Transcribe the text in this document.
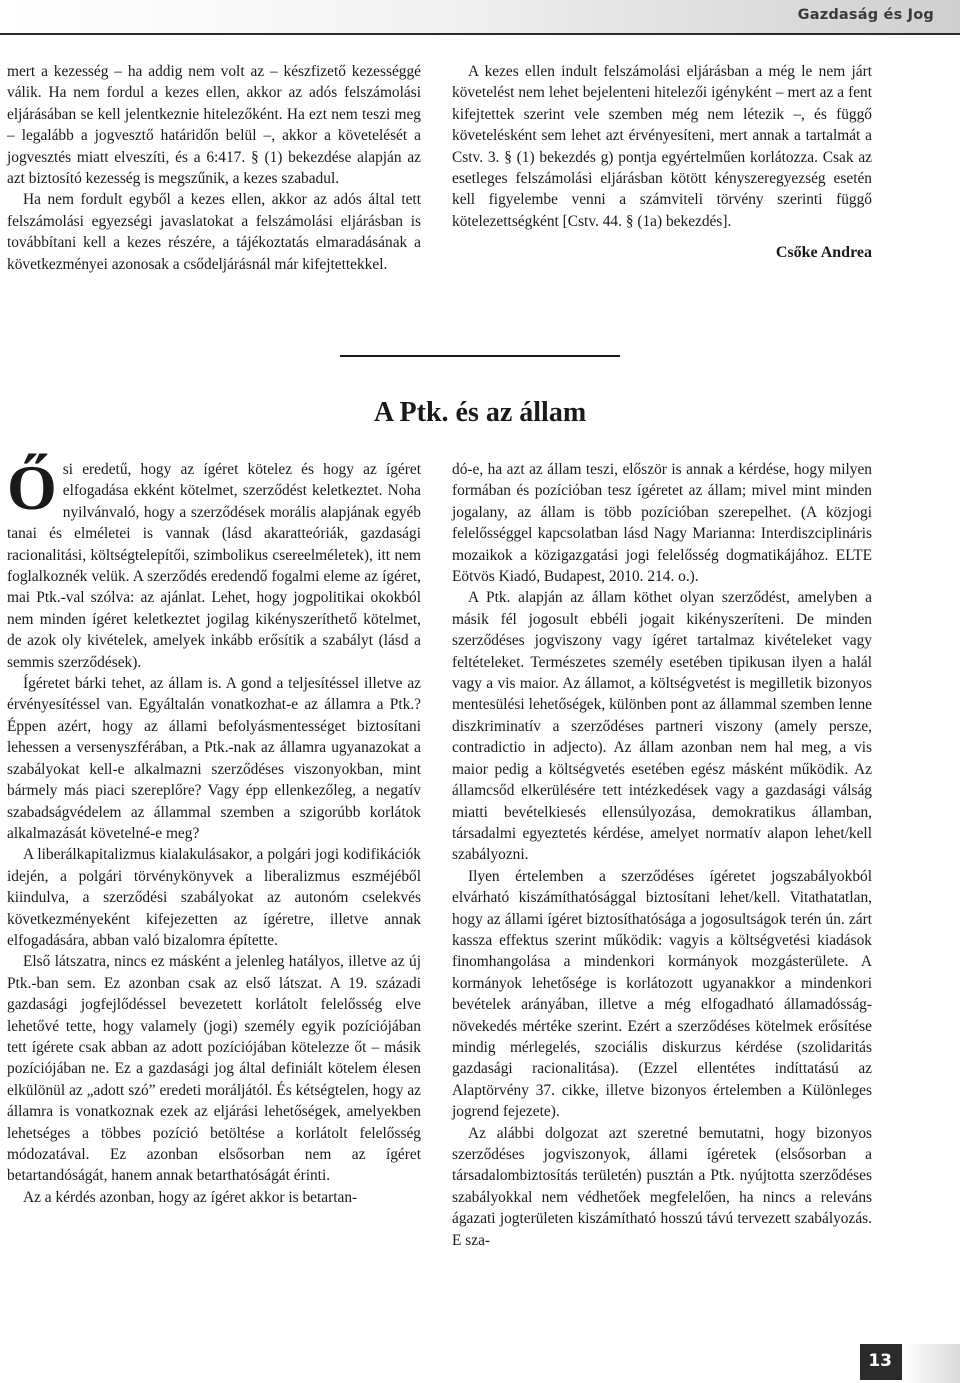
Gazdaság és Jog

mert a kezesség – ha addig nem volt az – készfizető kezességgé válik. Ha nem fordul a kezes ellen, akkor az adós felszámolási eljárásában se kell jelentkeznie hitelezőként. Ha ezt nem teszi meg – legalább a jogvesztő határidőn belül –, akkor a követelését a jogvesztés miatt elveszíti, és a 6:417. § (1) bekezdése alapján az azt biztosító kezesség is megszűnik, a kezes szabadul.

Ha nem fordult egyből a kezes ellen, akkor az adós által tett felszámolási egyezségi javaslatokat a felszámolási eljárásban is továbbítani kell a kezes részére, a tájékoztatás elmaradásának a következményei azonosak a csődeljárásnál már kifejtettekkel.

A kezes ellen indult felszámolási eljárásban a még le nem járt követelést nem lehet bejelenteni hitelezői igényként – mert az a fent kifejtettek szerint vele szemben még nem létezik –, és függő követelésként sem lehet azt érvényesíteni, mert annak a tartalmát a Cstv. 3. § (1) bekezdés g) pontja egyértelműen korlátozza. Csak az esetleges felszámolási eljárásban kötött kényszeregyezség esetén kell figyelembe venni a számviteli törvény szerinti függő kötelezettségként [Cstv. 44. § (1a) bekezdés].

Csőke Andrea
A Ptk. és az állam

Ősi eredetű, hogy az ígéret kötelez és hogy az ígéret elfogadása ekként kötelmet, szerződést keletkeztet. Noha nyilvánvaló, hogy a szerződések morális alapjának egyéb tanai és elméletei is vannak (lásd akaratteóriák, gazdasági racionalitási, költségtelepítői, szimbolikus csereelméletek), itt nem foglalkoznék velük. A szerződés eredendő fogalmi eleme az ígéret, mai Ptk.-val szólva: az ajánlat. Lehet, hogy jogpolitikai okokból nem minden ígéret keletkeztet jogilag kikényszeríthető kötelmet, de azok oly kivételek, amelyek inkább erősítik a szabályt (lásd a semmis szerződések).

Ígéretet bárki tehet, az állam is. A gond a teljesítéssel illetve az érvényesítéssel van. Egyáltalán vonatkozhat-e az államra a Ptk.? Éppen azért, hogy az állami befolyásmentességet biztosítani lehessen a versenyszférában, a Ptk.-nak az államra ugyanazokat a szabályokat kell-e alkalmazni szerződéses viszonyokban, mint bármely más piaci szereplőre? Vagy épp ellenkezőleg, a negatív szabadságvédelem az állammal szemben a szigorúbb korlátok alkalmazását követelné-e meg?

A liberálkapitalizmus kialakulásakor, a polgári jogi kodifikációk idején, a polgári törvénykönyvek a liberalizmus eszméjéből kiindulva, a szerződési szabályokat az autonóm cselekvés következményeként kifejezetten az ígéretre, illetve annak elfogadására, abban való bizalomra építette.

Első látszatra, nincs ez másként a jelenleg hatályos, illetve az új Ptk.-ban sem. Ez azonban csak az első látszat. A 19. századi gazdasági jogfejlődéssel bevezetett korlátolt felelősség elve lehetővé tette, hogy valamely (jogi) személy egyik pozíciójában tett ígérete csak abban az adott pozíciójában kötelezze őt – másik pozíciójában ne. Ez a gazdasági jog által definiált kötelem élesen elkülönül az „adott szó” eredeti moráljától. És kétségtelen, hogy az államra is vonatkoznak ezek az eljárási lehetőségek, amelyekben lehetséges a többes pozíció betöltése a korlátolt felelősség módozatával. Ez azonban elsősorban nem az ígéret betartandóságát, hanem annak betarthatóságát érinti.

Az a kérdés azonban, hogy az ígéret akkor is betartan-

dó-e, ha azt az állam teszi, először is annak a kérdése, hogy milyen formában és pozícióban tesz ígéretet az állam; mivel mint minden jogalany, az állam is több pozícióban szerepelhet. (A közjogi felelősséggel kapcsolatban lásd Nagy Marianna: Interdiszciplináris mozaikok a közigazgatási jogi felelősség dogmatikájához. ELTE Eötvös Kiadó, Budapest, 2010. 214. o.).

A Ptk. alapján az állam köthet olyan szerződést, amelyben a másik fél jogosult ebbéli jogait kikényszeríteni. De minden szerződéses jogviszony vagy ígéret tartalmaz kivételeket vagy feltételeket. Természetes személy esetében tipikusan ilyen a halál vagy a vis maior. Az államot, a költségvetést is megilletik bizonyos mentesülési lehetőségek, különben pont az állammal szemben lenne diszkriminatív a szerződéses partneri viszony (amely persze, contradictio in adjecto). Az állam azonban nem hal meg, a vis maior pedig a költségvetés esetében egész másként működik. Az államcsőd elkerülésére tett intézkedések vagy a gazdasági válság miatti bevételkiesés ellensúlyozása, demokratikus államban, társadalmi egyeztetés kérdése, amelyet normatív alapon lehet/kell szabályozni.

Ilyen értelemben a szerződéses ígéretet jogszabályokból elvárható kiszámíthatósággal biztosítani lehet/kell. Vitathatatlan, hogy az állami ígéret biztosíthatósága a jogosultságok terén ún. zárt kassza effektus szerint működik: vagyis a költségvetési kiadások finomhangolása a mindenkori kormányok mozgásterülete. A kormányok lehetősége is korlátozott ugyanakkor a mindenkori bevételek arányában, illetve a még elfogadható államadósság-növekedés mértéke szerint. Ezért a szerződéses kötelmek erősítése mindig mérlegelés, szociális diskurzus kérdése (szolidaritás gazdasági racionalitása). (Ezzel ellentétes indíttatású az Alaptörvény 37. cikke, illetve bizonyos értelemben a Különleges jogrend fejezete).

Az alábbi dolgozat azt szeretné bemutatni, hogy bizonyos szerződéses jogviszonyok, állami ígéretek (elsősorban a társadalombiztosítás területén) pusztán a Ptk. nyújtotta szerződéses szabályokkal nem védhetőek megfelelően, ha nincs a releváns ágazati jogterületen kiszámítható hosszú távú tervezett szabályozás. E sza-

13
